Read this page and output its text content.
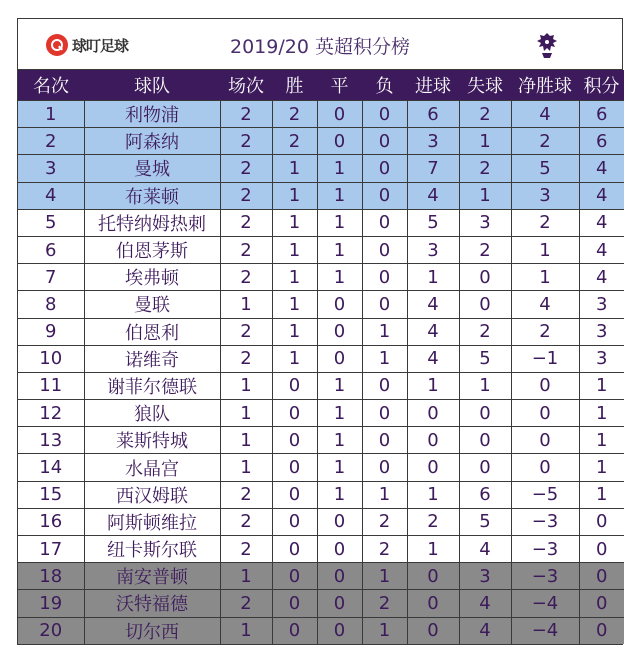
球叮足球	2019/20 英超积分榜
名次	球队	场次	胜	平	负	进球	失球	净胜球	积分
1	利物浦	2	2	0	0	6	2	4	6
2	阿森纳	2	2	0	0	3	1	2	6
3	曼城	2	1	1	0	7	2	5	4
4	布莱顿	2	1	1	0	4	1	3	4
5	托特纳姆热刺	2	1	1	0	5	3	2	4
6	伯恩茅斯	2	1	1	0	3	2	1	4
7	埃弗顿	2	1	1	0	1	0	1	4
8	曼联	1	1	0	0	4	0	4	3
9	伯恩利	2	1	0	1	4	2	2	3
10	诺维奇	2	1	0	1	4	5	−1	3
11	谢菲尔德联	1	0	1	0	1	1	0	1
12	狼队	1	0	1	0	0	0	0	1
13	莱斯特城	1	0	1	0	0	0	0	1
14	水晶宫	1	0	1	0	0	0	0	1
15	西汉姆联	2	0	1	1	1	6	−5	1
16	阿斯顿维拉	2	0	0	2	2	5	−3	0
17	纽卡斯尔联	2	0	0	2	1	4	−3	0
18	南安普顿	1	0	0	1	0	3	−3	0
19	沃特福德	2	0	0	2	0	4	−4	0
20	切尔西	1	0	0	1	0	4	−4	0
